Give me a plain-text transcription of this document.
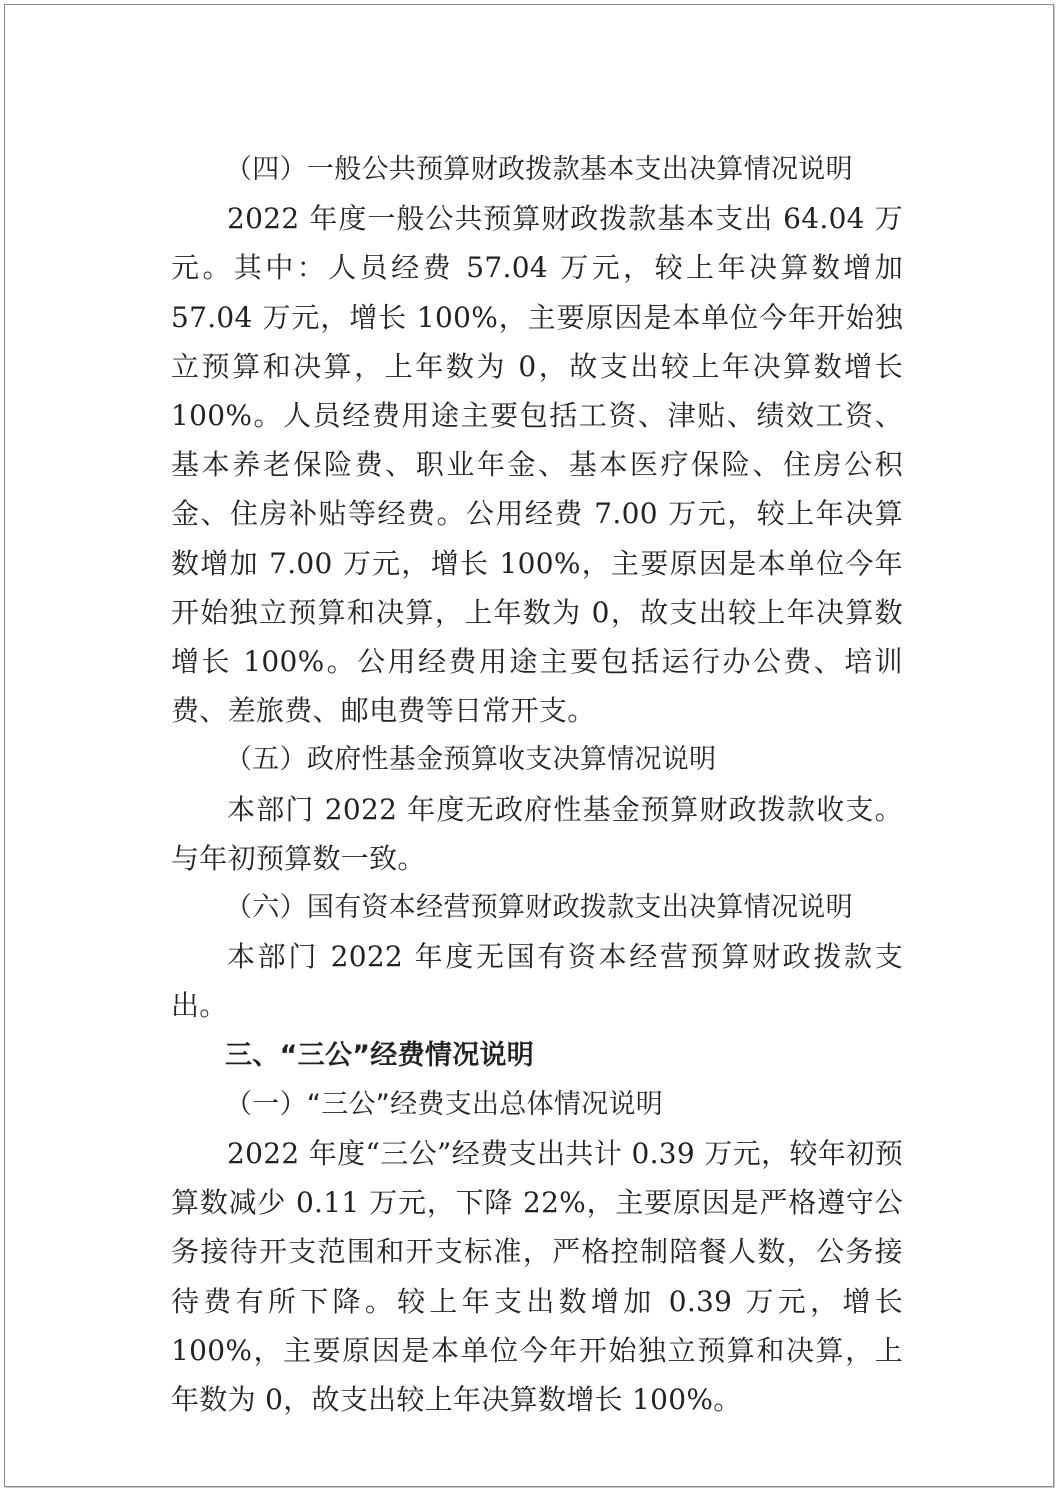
（四）一般公共预算财政拨款基本支出决算情况说明

2022 年度一般公共预算财政拨款基本支出 64.04 万元。其中：人员经费 57.04 万元，较上年决算数增加 57.04 万元，增长 100%，主要原因是本单位今年开始独立预算和决算，上年数为 0，故支出较上年决算数增长 100%。人员经费用途主要包括工资、津贴、绩效工资、基本养老保险费、职业年金、基本医疗保险、住房公积金、住房补贴等经费。公用经费 7.00 万元，较上年决算数增加 7.00 万元，增长 100%，主要原因是本单位今年开始独立预算和决算，上年数为 0，故支出较上年决算数增长 100%。公用经费用途主要包括运行办公费、培训费、差旅费、邮电费等日常开支。

（五）政府性基金预算收支决算情况说明

本部门 2022 年度无政府性基金预算财政拨款收支。与年初预算数一致。

（六）国有资本经营预算财政拨款支出决算情况说明

本部门 2022 年度无国有资本经营预算财政拨款支出。

三、“三公”经费情况说明

（一）“三公”经费支出总体情况说明

2022 年度“三公”经费支出共计 0.39 万元，较年初预算数减少 0.11 万元，下降 22%，主要原因是严格遵守公务接待开支范围和开支标准，严格控制陪餐人数，公务接待费有所下降。较上年支出数增加 0.39 万元，增长 100%，主要原因是本单位今年开始独立预算和决算，上年数为 0，故支出较上年决算数增长 100%。
